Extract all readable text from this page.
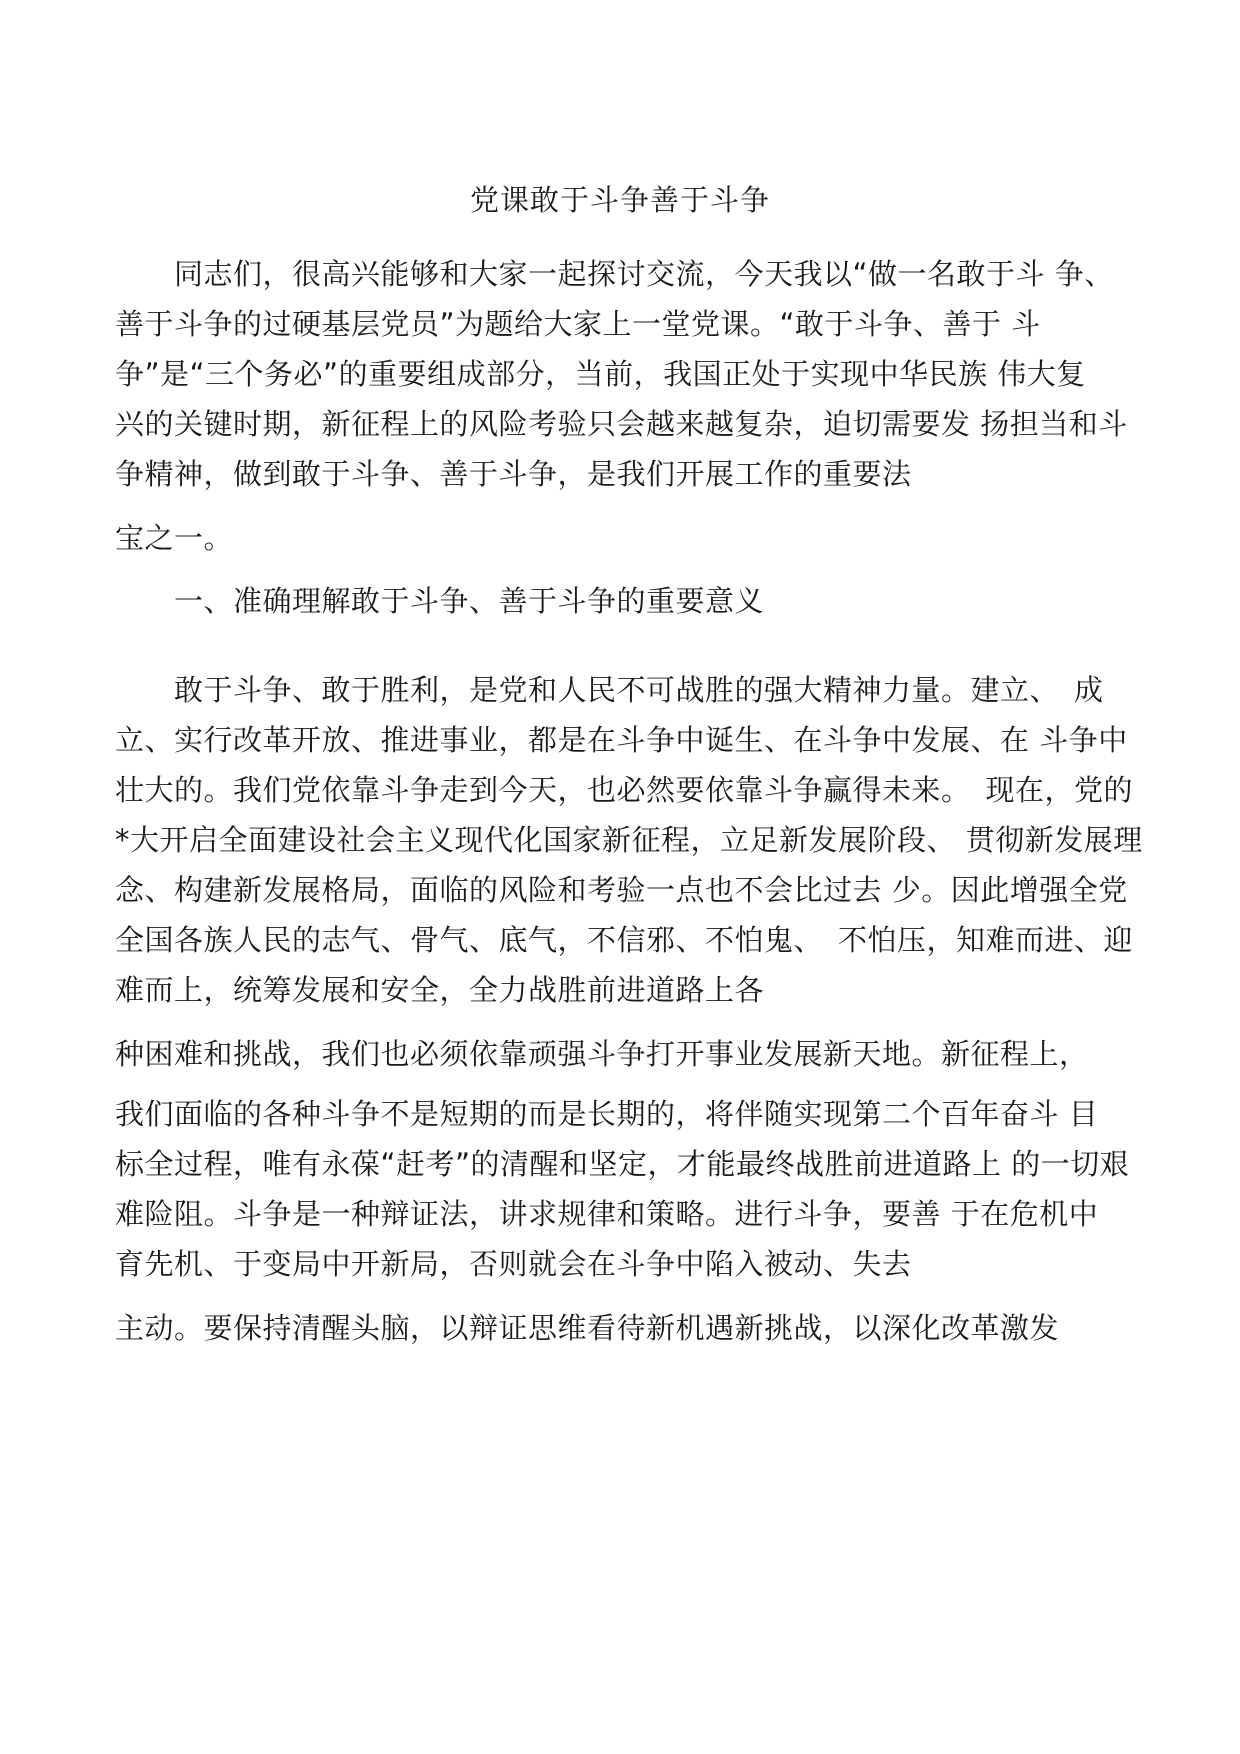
党课敢于斗争善于斗争
同志们，很高兴能够和大家一起探讨交流，今天我以“做一名敢于斗 争、
善于斗争的过硬基层党员”为题给大家上一堂党课。“敢于斗争、善于 斗
争”是“三个务必”的重要组成部分，当前，我国正处于实现中华民族 伟大复
兴的关键时期，新征程上的风险考验只会越来越复杂，迫切需要发 扬担当和斗
争精神，做到敢于斗争、善于斗争，是我们开展工作的重要法
宝之一。
一、准确理解敢于斗争、善于斗争的重要意义
敢于斗争、敢于胜利，是党和人民不可战胜的强大精神力量。建立、　成
立、实行改革开放、推进事业，都是在斗争中诞生、在斗争中发展、在 斗争中
壮大的。我们党依靠斗争走到今天，也必然要依靠斗争赢得未来。　现在，党的
*大开启全面建设社会主义现代化国家新征程，立足新发展阶段、 贯彻新发展理
念、构建新发展格局，面临的风险和考验一点也不会比过去 少。因此增强全党
全国各族人民的志气、骨气、底气，不信邪、不怕鬼、　不怕压，知难而进、迎
难而上，统筹发展和安全，全力战胜前进道路上各
种困难和挑战，我们也必须依靠顽强斗争打开事业发展新天地。新征程上，
我们面临的各种斗争不是短期的而是长期的，将伴随实现第二个百年奋斗 目
标全过程，唯有永葆“赶考”的清醒和坚定，才能最终战胜前进道路上 的一切艰
难险阻。斗争是一种辩证法，讲求规律和策略。进行斗争，要善 于在危机中
育先机、于变局中开新局，否则就会在斗争中陷入被动、失去
主动。要保持清醒头脑，以辩证思维看待新机遇新挑战，以深化改革激发
